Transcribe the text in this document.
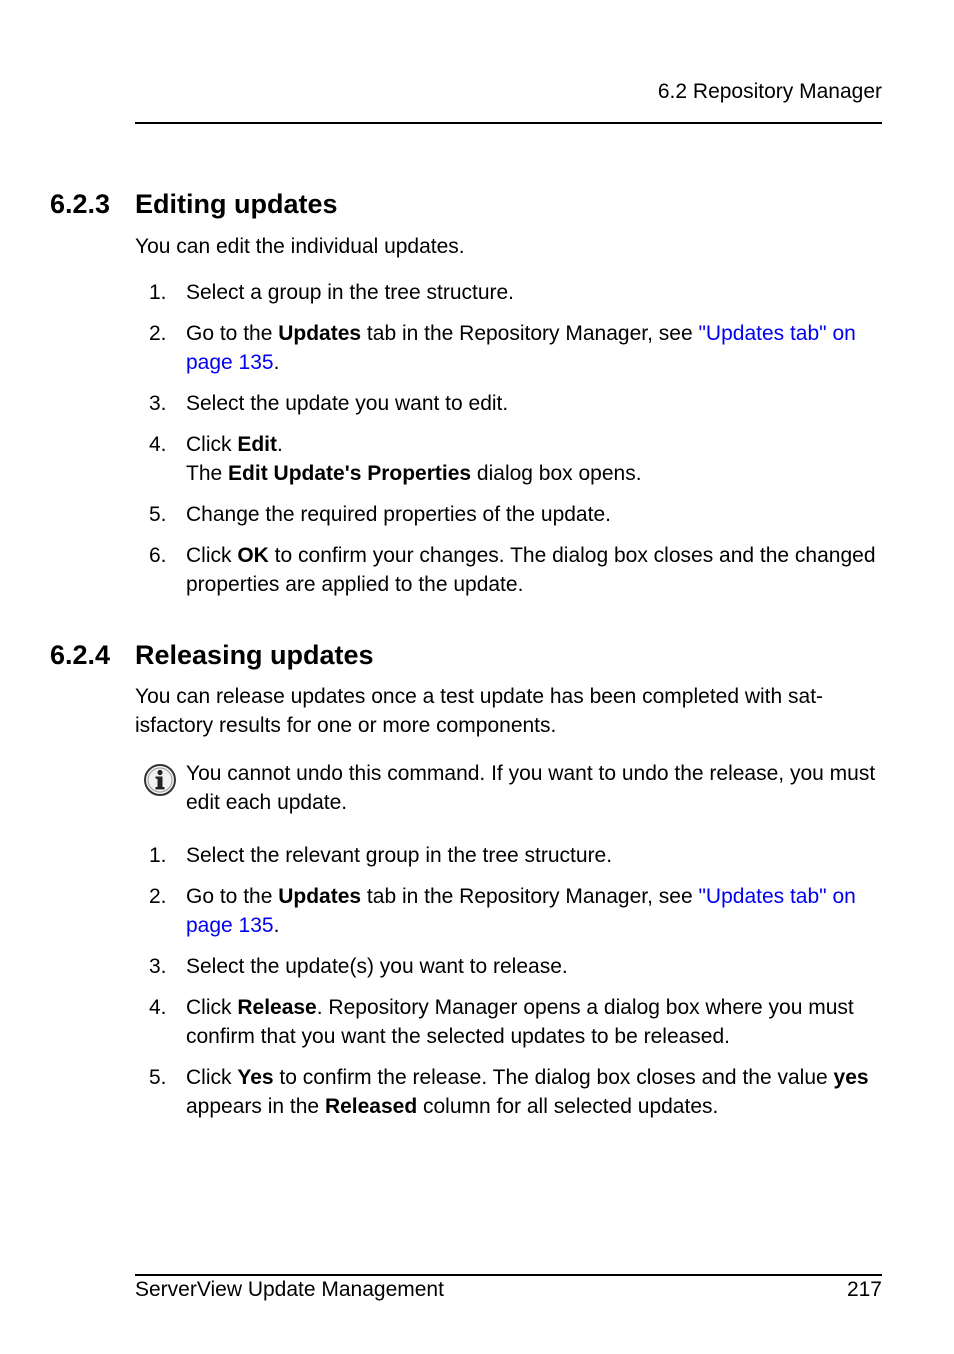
6.2 Repository Manager
6.2.3 Editing updates
You can edit the individual updates.
1. Select a group in the tree structure.
2. Go to the Updates tab in the Repository Manager, see "Updates tab" on page 135.
3. Select the update you want to edit.
4. Click Edit.
The Edit Update's Properties dialog box opens.
5. Change the required properties of the update.
6. Click OK to confirm your changes. The dialog box closes and the changed properties are applied to the update.
6.2.4 Releasing updates
You can release updates once a test update has been completed with sat-isfactory results for one or more components.
You cannot undo this command. If you want to undo the release, you must edit each update.
1. Select the relevant group in the tree structure.
2. Go to the Updates tab in the Repository Manager, see "Updates tab" on page 135.
3. Select the update(s) you want to release.
4. Click Release. Repository Manager opens a dialog box where you must confirm that you want the selected updates to be released.
5. Click Yes to confirm the release. The dialog box closes and the value yes appears in the Released column for all selected updates.
ServerView Update Management	217
